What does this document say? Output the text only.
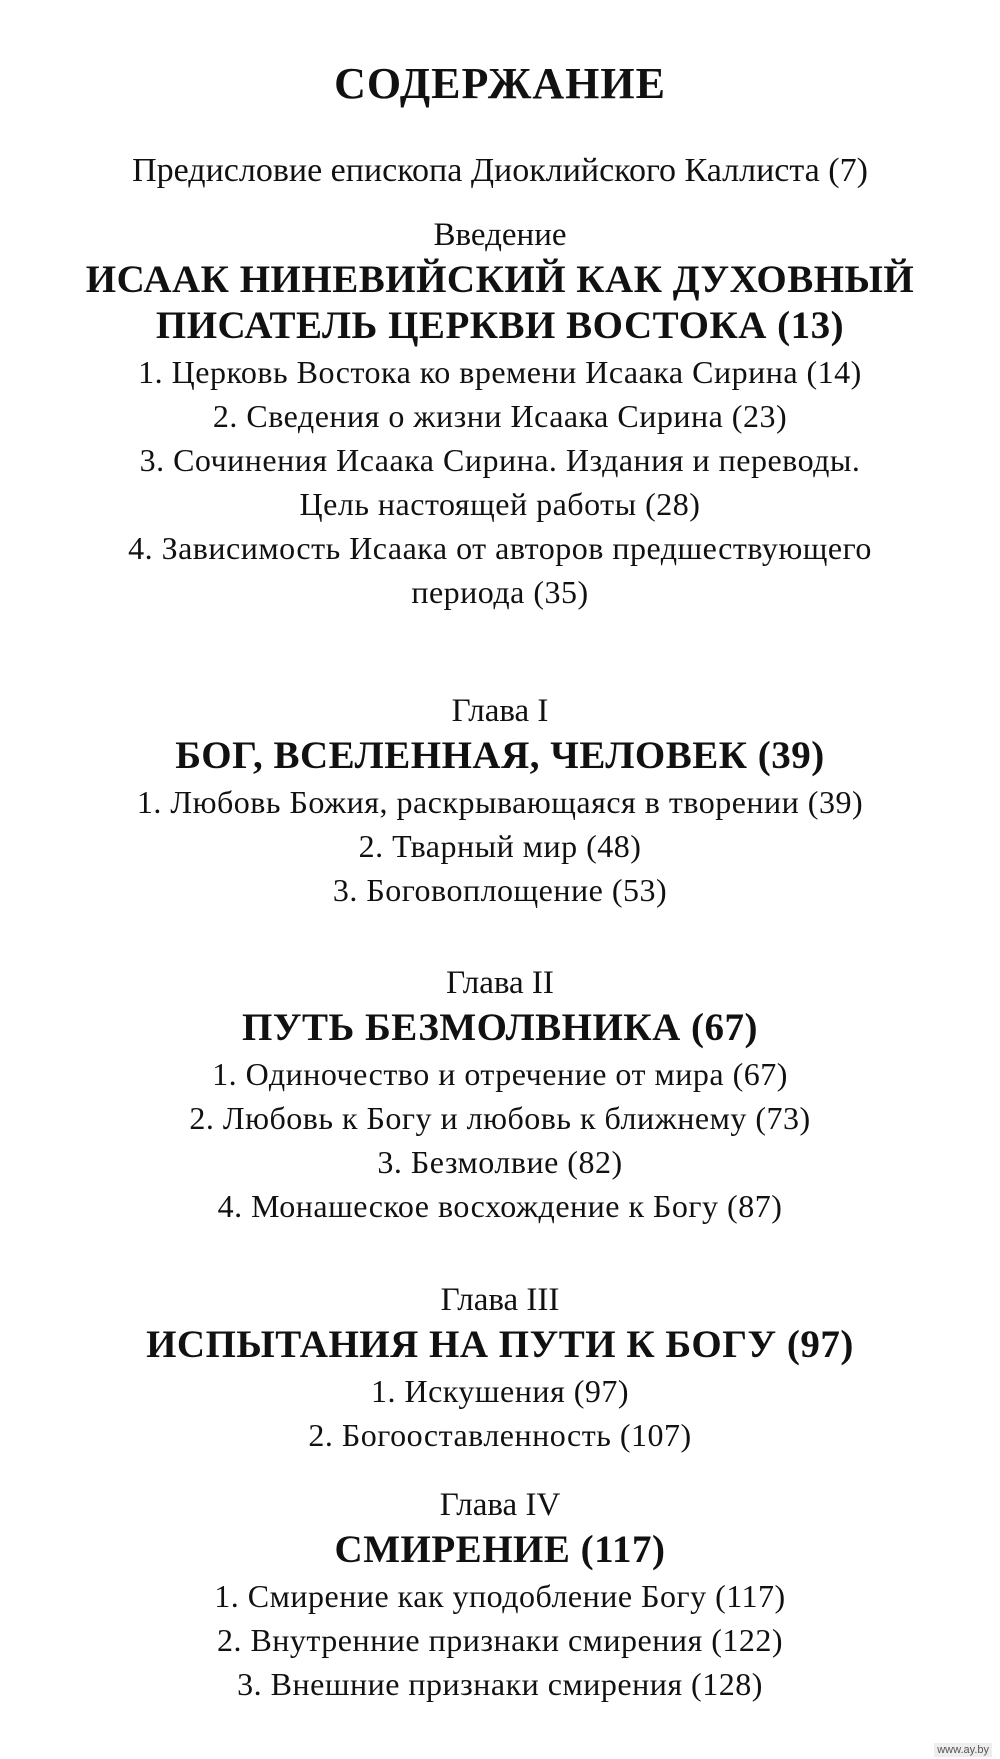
СОДЕРЖАНИЕ
Предисловие епископа Диоклийского Каллиста (7)
Введение
ИСААК НИНЕВИЙСКИЙ КАК ДУХОВНЫЙ
ПИСАТЕЛЬ ЦЕРКВИ ВОСТОКА (13)
1. Церковь Востока ко времени Исаака Сирина (14)
2. Сведения о жизни Исаака Сирина (23)
3. Сочинения Исаака Сирина. Издания и переводы.
Цель настоящей работы (28)
4. Зависимость Исаака от авторов предшествующего
периода (35)
Глава I
БОГ, ВСЕЛЕННАЯ, ЧЕЛОВЕК (39)
1. Любовь Божия, раскрывающаяся в творении (39)
2. Тварный мир (48)
3. Боговоплощение (53)
Глава II
ПУТЬ БЕЗМОЛВНИКА (67)
1. Одиночество и отречение от мира (67)
2. Любовь к Богу и любовь к ближнему (73)
3. Безмолвие (82)
4. Монашеское восхождение к Богу (87)
Глава III
ИСПЫТАНИЯ НА ПУТИ К БОГУ (97)
1. Искушения (97)
2. Богооставленность (107)
Глава IV
СМИРЕНИЕ (117)
1. Смирение как уподобление Богу (117)
2. Внутренние признаки смирения (122)
3. Внешние признаки смирения (128)
www.ay.by
